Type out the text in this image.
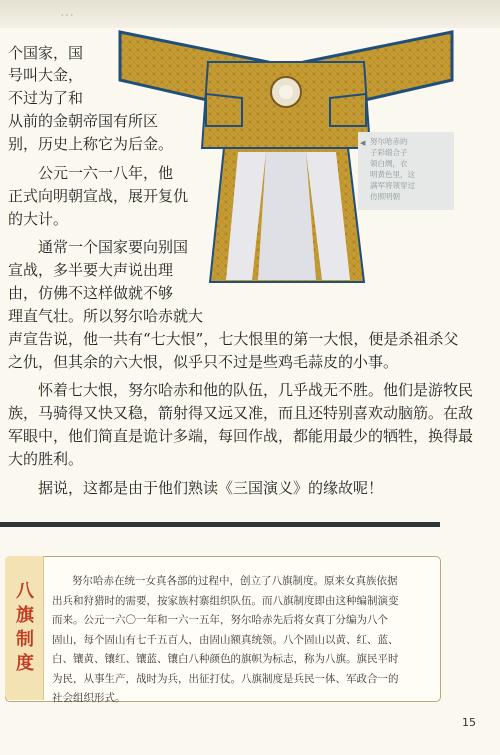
…

个国家，国

号叫大金，

不过为了和

从前的金朝帝国有所区

别，历史上称它为后金。

公元一六一八年，他

正式向明朝宣战，展开复仇

的大计。

通常一个国家要向别国

宣战，多半要大声说出理

由，仿佛不这样做就不够

理直气壮。所以努尔哈赤就大

声宣告说，他一共有“七大恨”，七大恨里的第一大恨，便是杀祖杀父

之仇，但其余的六大恨，似乎只不过是些鸡毛蒜皮的小事。

怀着七大恨，努尔哈赤和他的队伍，几乎战无不胜。他们是游牧民

族，马骑得又快又稳，箭射得又远又准，而且还特别喜欢动脑筋。在敌

军眼中，他们简直是诡计多端，每回作战，都能用最少的牺牲，换得最

大的胜利。

据说，这都是由于他们熟读《三国演义》的缘故呢！

◀ 努尔哈赤的
子彩缎合子
领白绸，衣
明黄色里，这
满军将领穿过
仿照明朝
八
旗
制
度
努尔哈赤在统一女真各部的过程中，创立了八旗制度。原来女真族依据
出兵和狩猎时的需要，按家族村寨组织队伍。而八旗制度即由这种编制演变
而来。公元一六〇一年和一六一五年，努尔哈赤先后将女真丁分编为八个
固山，每个固山有七千五百人，由固山额真统领。八个固山以黄、红、蓝、
白、镶黄、镶红、镶蓝、镶白八种颜色的旗帜为标志，称为八旗。旗民平时
为民，从事生产，战时为兵，出征打仗。八旗制度是兵民一体、军政合一的
社会组织形式。
15
